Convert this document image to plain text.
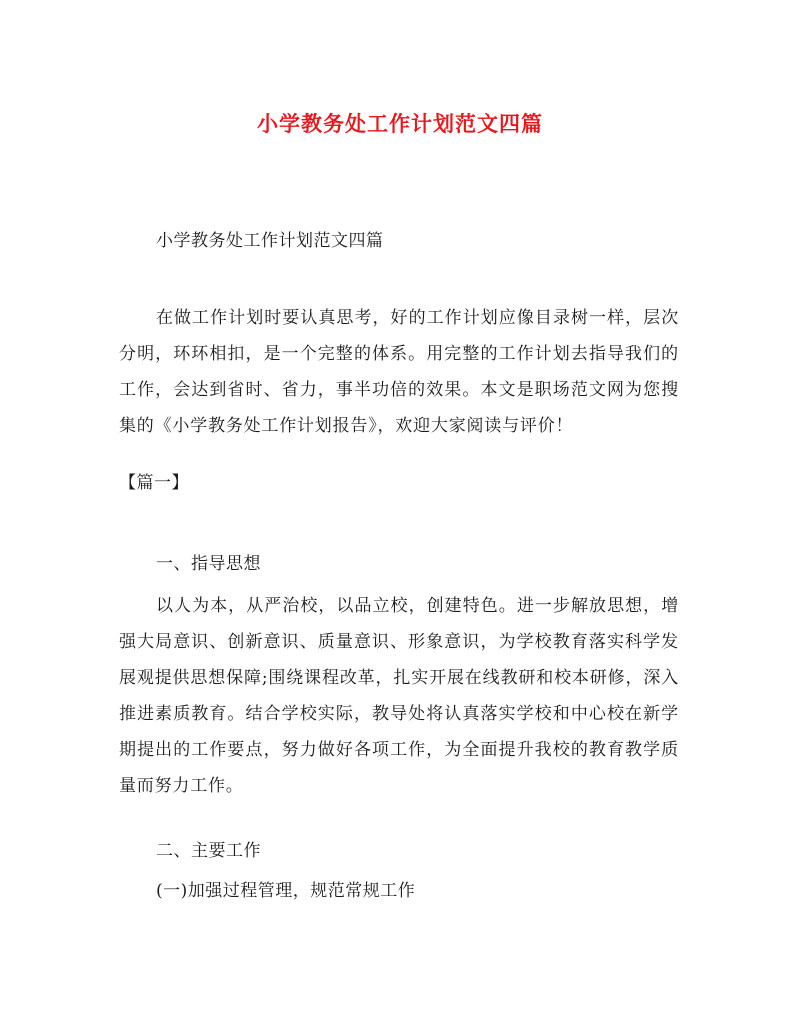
小学教务处工作计划范文四篇
小学教务处工作计划范文四篇

在做工作计划时要认真思考，好的工作计划应像目录树一样，层次分明，环环相扣，是一个完整的体系。用完整的工作计划去指导我们的工作，会达到省时、省力，事半功倍的效果。本文是职场范文网为您搜集的《小学教务处工作计划报告》，欢迎大家阅读与评价！

【篇一】
一、指导思想

以人为本，从严治校，以品立校，创建特色。进一步解放思想，增强大局意识、创新意识、质量意识、形象意识，为学校教育落实科学发展观提供思想保障;围绕课程改革，扎实开展在线教研和校本研修，深入推进素质教育。结合学校实际，教导处将认真落实学校和中心校在新学期提出的工作要点，努力做好各项工作，为全面提升我校的教育教学质量而努力工作。

二、主要工作
(一)加强过程管理，规范常规工作
